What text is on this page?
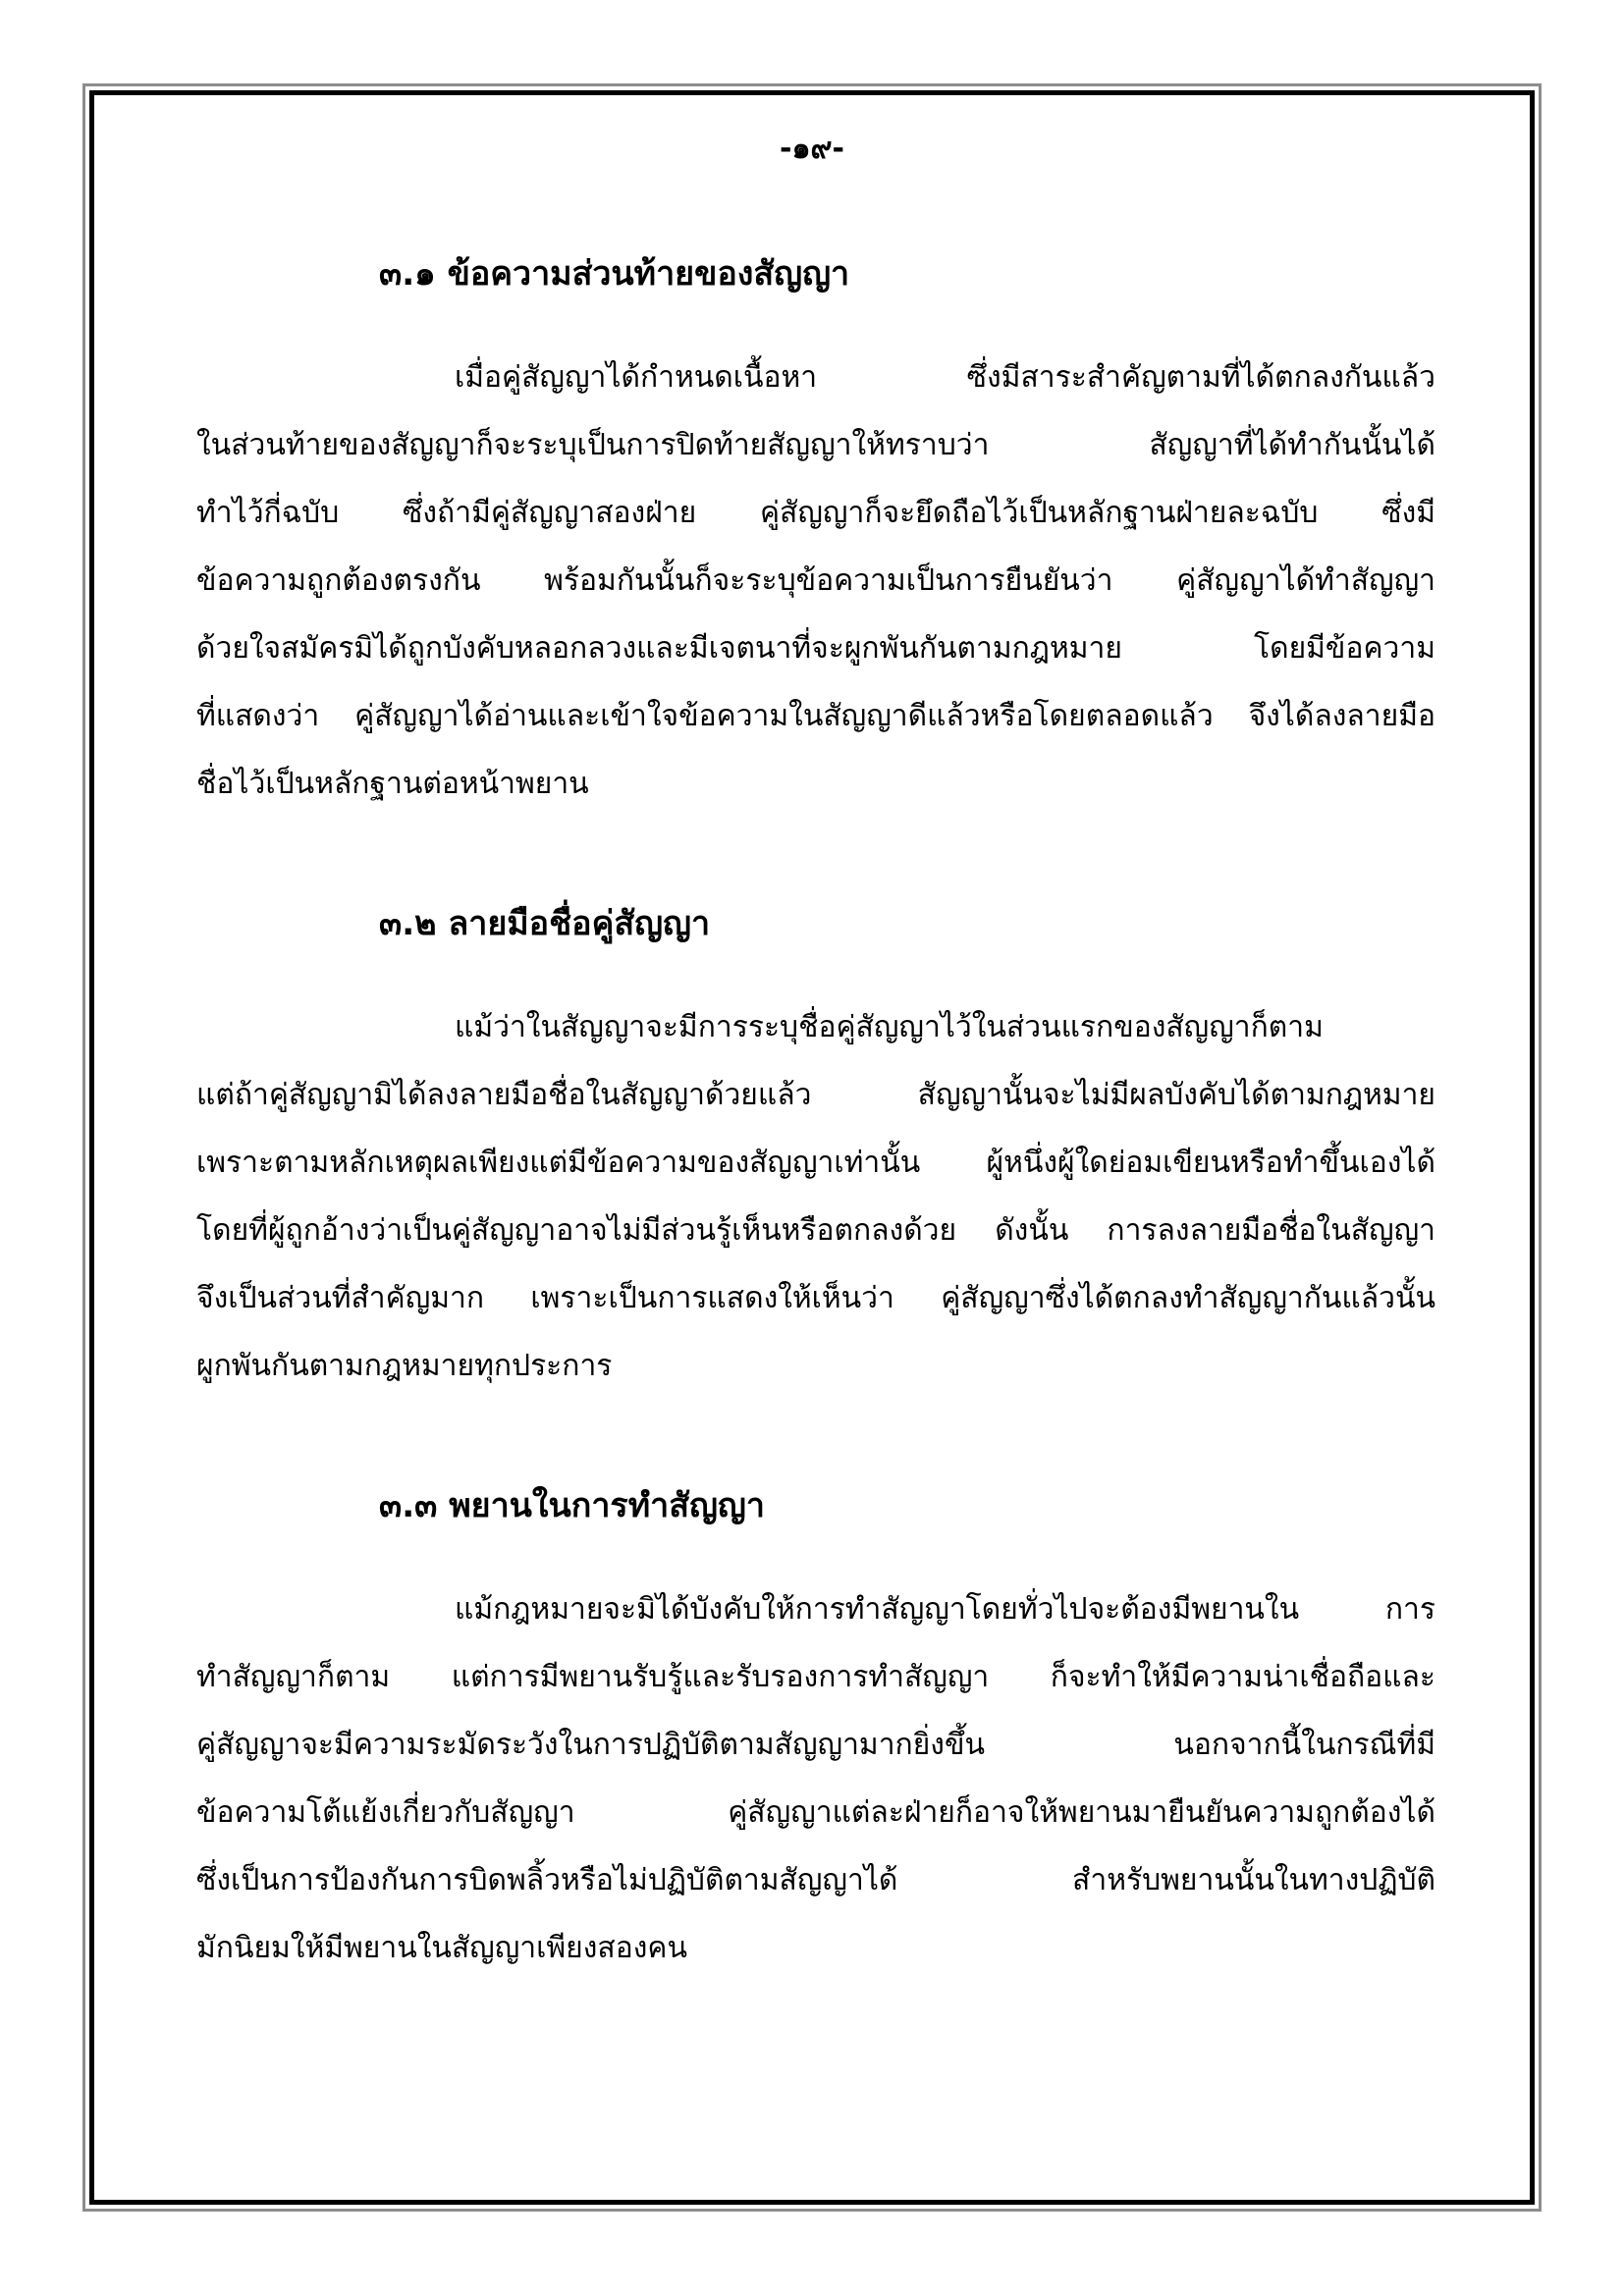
-๑๙-
๓.๑ ข้อความส่วนท้ายของสัญญา
เมื่อคู่สัญญาได้กำหนดเนื้อหา ซึ่งมีสาระสำคัญตามที่ได้ตกลงกันแล้ว
ในส่วนท้ายของสัญญาก็จะระบุเป็นการปิดท้ายสัญญาให้ทราบว่า สัญญาที่ได้ทำกันนั้นได้
ทำไว้กี่ฉบับ ซึ่งถ้ามีคู่สัญญาสองฝ่าย คู่สัญญาก็จะยึดถือไว้เป็นหลักฐานฝ่ายละฉบับ ซึ่งมี
ข้อความถูกต้องตรงกัน พร้อมกันนั้นก็จะระบุข้อความเป็นการยืนยันว่า คู่สัญญาได้ทำสัญญา
ด้วยใจสมัครมิได้ถูกบังคับหลอกลวงและมีเจตนาที่จะผูกพันกันตามกฎหมาย โดยมีข้อความ
ที่แสดงว่า คู่สัญญาได้อ่านและเข้าใจข้อความในสัญญาดีแล้วหรือโดยตลอดแล้ว จึงได้ลงลายมือ
ชื่อไว้เป็นหลักฐานต่อหน้าพยาน
๓.๒ ลายมือชื่อคู่สัญญา
แม้ว่าในสัญญาจะมีการระบุชื่อคู่สัญญาไว้ในส่วนแรกของสัญญาก็ตาม
แต่ถ้าคู่สัญญามิได้ลงลายมือชื่อในสัญญาด้วยแล้ว สัญญานั้นจะไม่มีผลบังคับได้ตามกฎหมาย
เพราะตามหลักเหตุผลเพียงแต่มีข้อความของสัญญาเท่านั้น ผู้หนึ่งผู้ใดย่อมเขียนหรือทำขึ้นเองได้
โดยที่ผู้ถูกอ้างว่าเป็นคู่สัญญาอาจไม่มีส่วนรู้เห็นหรือตกลงด้วย ดังนั้น การลงลายมือชื่อในสัญญา
จึงเป็นส่วนที่สำคัญมาก เพราะเป็นการแสดงให้เห็นว่า คู่สัญญาซึ่งได้ตกลงทำสัญญากันแล้วนั้น
ผูกพันกันตามกฎหมายทุกประการ
๓.๓ พยานในการทำสัญญา
แม้กฎหมายจะมิได้บังคับให้การทำสัญญาโดยทั่วไปจะต้องมีพยานใน การ
ทำสัญญาก็ตาม แต่การมีพยานรับรู้และรับรองการทำสัญญา ก็จะทำให้มีความน่าเชื่อถือและ
คู่สัญญาจะมีความระมัดระวังในการปฏิบัติตามสัญญามากยิ่งขึ้น นอกจากนี้ในกรณีที่มี
ข้อความโต้แย้งเกี่ยวกับสัญญา คู่สัญญาแต่ละฝ่ายก็อาจให้พยานมายืนยันความถูกต้องได้
ซึ่งเป็นการป้องกันการบิดพลิ้วหรือไม่ปฏิบัติตามสัญญาได้ สำหรับพยานนั้นในทางปฏิบัติ
มักนิยมให้มีพยานในสัญญาเพียงสองคน
